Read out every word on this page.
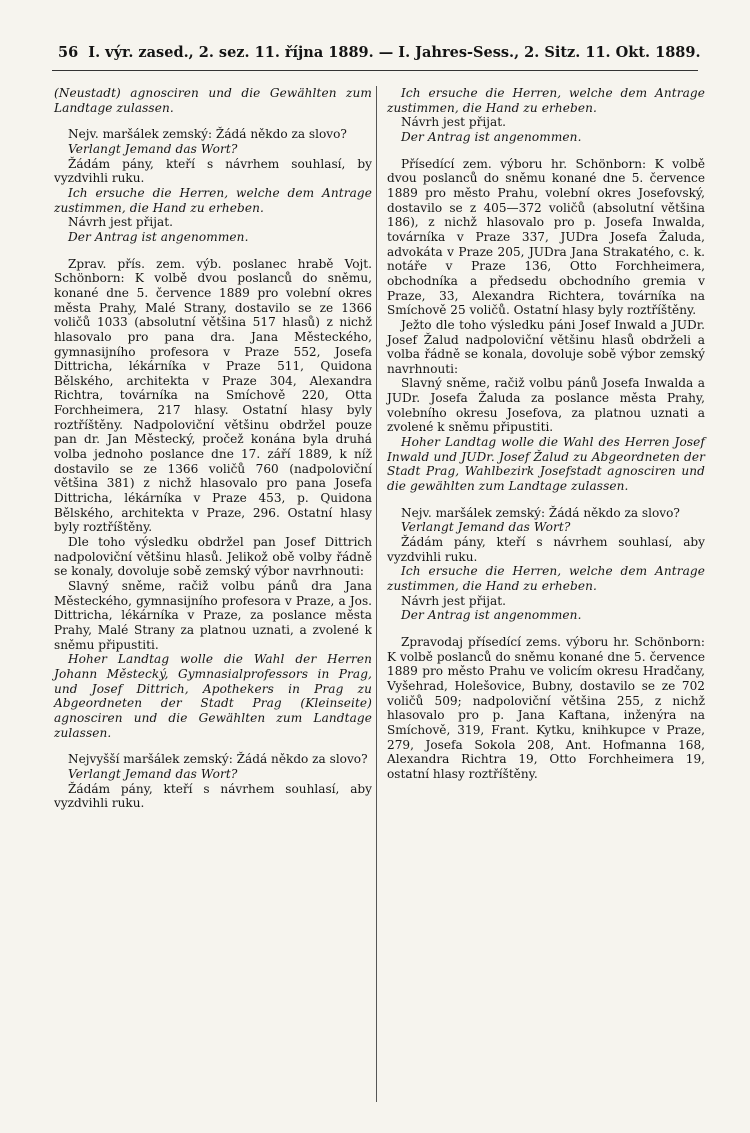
56 I. výr. zased., 2. sez. 11. října 1889. — I. Jahres-Sess., 2. Sitz. 11. Okt. 1889.

(Neustadt) agnosciren und die Gewählten zum Landtage zulassen.

Nejv. maršálek zemský: Žádá někdo za slovo?

Verlangt Jemand das Wort?

Žádám pány, kteří s návrhem souhlasí, by vyzdvihli ruku.

Ich ersuche die Herren, welche dem Antrage zustimmen, die Hand zu erheben.

Návrh jest přijat.

Der Antrag ist angenommen.

Zprav. přís. zem. výb. poslanec hrabě Vojt. Schönborn: K volbě dvou poslanců do sněmu, konané dne 5. července 1889 pro volební okres města Prahy, Malé Strany, dostavilo se ze 1366 voličů 1033 (absolutní většina 517 hlasů) z nichž hlasovalo pro pana dra. Jana Městeckého, gymnasijního profesora v Praze 552, Josefa Dittricha, lékárníka v Praze 511, Quidona Bělského, architekta v Praze 304, Alexandra Richtra, továrníka na Smíchově 220, Otta Forchheimera, 217 hlasy. Ostatní hlasy byly roztříštěny. Nadpoloviční většinu obdržel pouze pan dr. Jan Městecký, pročež konána byla druhá volba jednoho poslance dne 17. září 1889, k níž dostavilo se ze 1366 voličů 760 (nadpoloviční většina 381) z nichž hlasovalo pro pana Josefa Dittricha, lékárníka v Praze 453, p. Quidona Bělského, architekta v Praze, 296. Ostatní hlasy byly roztříštěny.

Dle toho výsledku obdržel pan Josef Dittrich nadpoloviční většinu hlasů. Jelikož obě volby řádně se konaly, dovoluje sobě zemský výbor navrhnouti:

Slavný sněme, račiž volbu pánů dra Jana Městeckého, gymnasijního profesora v Praze, a Jos. Dittricha, lékárníka v Praze, za poslance města Prahy, Malé Strany za platnou uznati, a zvolené k sněmu připustiti.

Hoher Landtag wolle die Wahl der Herren Johann Městecký, Gymnasialprofessors in Prag, und Josef Dittrich, Apothekers in Prag zu Abgeordneten der Stadt Prag (Kleinseite) agnosciren und die Gewählten zum Landtage zulassen.

Nejvyšší maršálek zemský: Žádá někdo za slovo?

Verlangt Jemand das Wort?

Žádám pány, kteří s návrhem souhlasí, aby vyzdvihli ruku.

Ich ersuche die Herren, welche dem Antrage zustimmen, die Hand zu erheben.

Návrh jest přijat.

Der Antrag ist angenommen.

Přísedící zem. výboru hr. Schönborn: K volbě dvou poslanců do sněmu konané dne 5. července 1889 pro město Prahu, volební okres Josefovský, dostavilo se z 405—372 voličů (absolutní většina 186), z nichž hlasovalo pro p. Josefa Inwalda, továrníka v Praze 337, JUDra Josefa Žaluda, advokáta v Praze 205, JUDra Jana Strakatého, c. k. notáře v Praze 136, Otto Forchheimera, obchodníka a předsedu obchodního gremia v Praze, 33, Alexandra Richtera, továrníka na Smíchově 25 voličů. Ostatní hlasy byly roztříštěny.

Ježto dle toho výsledku páni Josef Inwald a JUDr. Josef Žalud nadpoloviční většinu hlasů obdrželi a volba řádně se konala, dovoluje sobě výbor zemský navrhnouti:

Slavný sněme, račiž volbu pánů Josefa Inwalda a JUDr. Josefa Žaluda za poslance města Prahy, volebního okresu Josefova, za platnou uznati a zvolené k sněmu připustiti.

Hoher Landtag wolle die Wahl des Herren Josef Inwald und JUDr. Josef Žalud zu Abgeordneten der Stadt Prag, Wahlbezirk Josefstadt agnosciren und die gewählten zum Landtage zulassen.

Nejv. maršálek zemský: Žádá někdo za slovo?

Verlangt Jemand das Wort?

Žádám pány, kteří s návrhem souhlasí, aby vyzdvihli ruku.

Ich ersuche die Herren, welche dem Antrage zustimmen, die Hand zu erheben.

Návrh jest přijat.

Der Antrag ist angenommen.

Zpravodaj přísedící zems. výboru hr. Schönborn: K volbě poslanců do sněmu konané dne 5. července 1889 pro město Prahu ve volicím okresu Hradčany, Vyšehrad, Holešovice, Bubny, dostavilo se ze 702 voličů 509; nadpoloviční většina 255, z nichž hlasovalo pro p. Jana Kaftana, inženýra na Smíchově, 319, Frant. Kytku, knihkupce v Praze, 279, Josefa Sokola 208, Ant. Hofmanna 168, Alexandra Richtra 19, Otto Forchheimera 19, ostatní hlasy roztříštěny.
